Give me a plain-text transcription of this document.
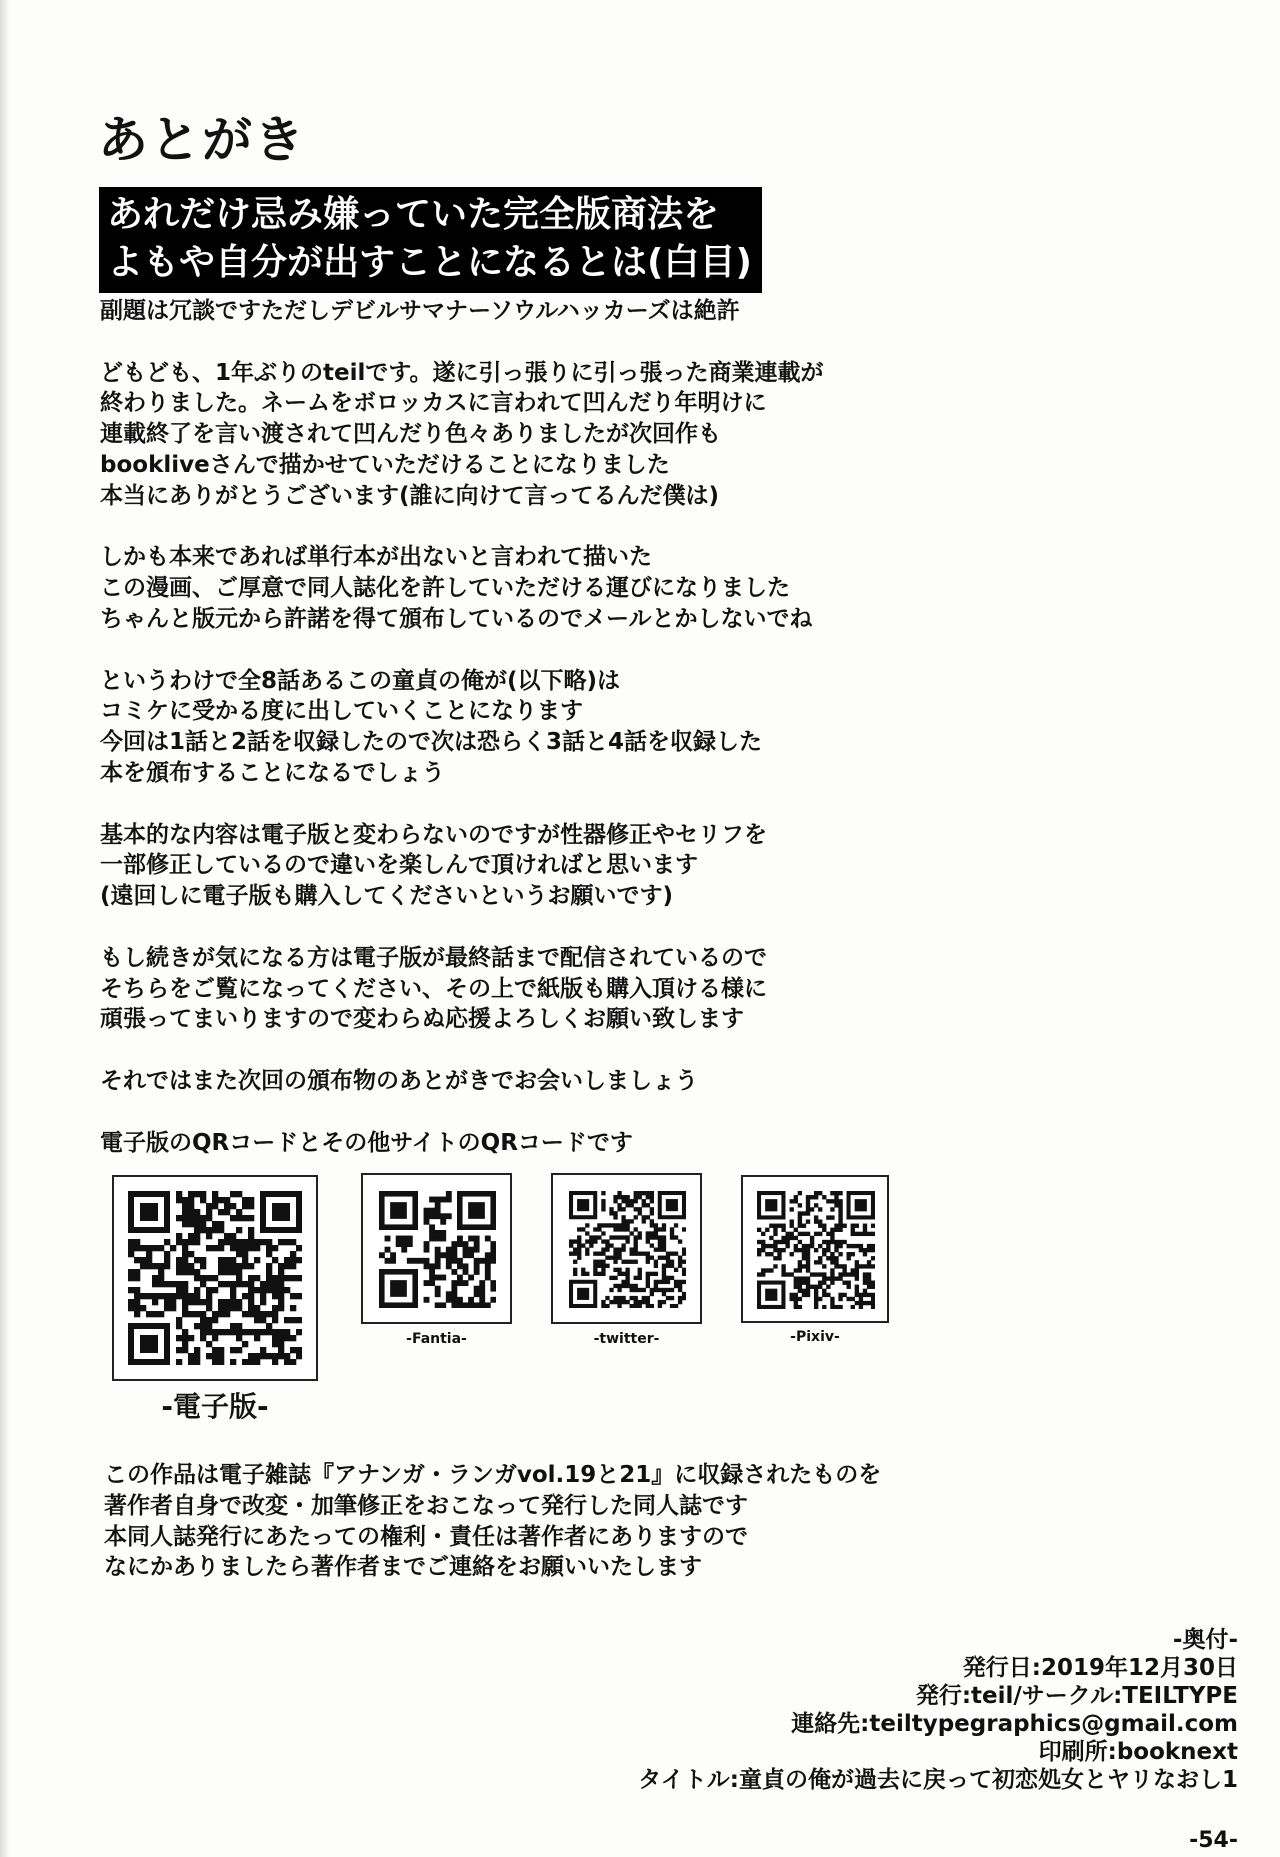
あとがき
あれだけ忌み嫌っていた完全版商法を
よもや自分が出すことになるとは(白目)
副題は冗談ですただしデビルサマナーソウルハッカーズは絶許
どもども、1年ぶりのteilです。遂に引っ張りに引っ張った商業連載が
終わりました。ネームをボロッカスに言われて凹んだり年明けに
連載終了を言い渡されて凹んだり色々ありましたが次回作も
bookliveさんで描かせていただけることになりました
本当にありがとうございます(誰に向けて言ってるんだ僕は)
しかも本来であれば単行本が出ないと言われて描いた
この漫画、ご厚意で同人誌化を許していただける運びになりました
ちゃんと版元から許諾を得て頒布しているのでメールとかしないでね
というわけで全8話あるこの童貞の俺が(以下略)は
コミケに受かる度に出していくことになります
今回は1話と2話を収録したので次は恐らく3話と4話を収録した
本を頒布することになるでしょう
基本的な内容は電子版と変わらないのですが性器修正やセリフを
一部修正しているので違いを楽しんで頂ければと思います
(遠回しに電子版も購入してくださいというお願いです)
もし続きが気になる方は電子版が最終話まで配信されているので
そちらをご覧になってください、その上で紙版も購入頂ける様に
頑張ってまいりますので変わらぬ応援よろしくお願い致します
それではまた次回の頒布物のあとがきでお会いしましょう
電子版のQRコードとその他サイトのQRコードです
-電子版-
-Fantia-	-twitter-	-Pixiv-
この作品は電子雑誌『アナンガ・ランガvol.19と21』に収録されたものを
著作者自身で改変・加筆修正をおこなって発行した同人誌です
本同人誌発行にあたっての権利・責任は著作者にありますので
なにかありましたら著作者までご連絡をお願いいたします
-奥付-
発行日:2019年12月30日
発行:teil/サークル:TEILTYPE
連絡先:teiltypegraphics@gmail.com
印刷所:booknext
タイトル:童貞の俺が過去に戻って初恋処女とヤリなおし1
-54-
